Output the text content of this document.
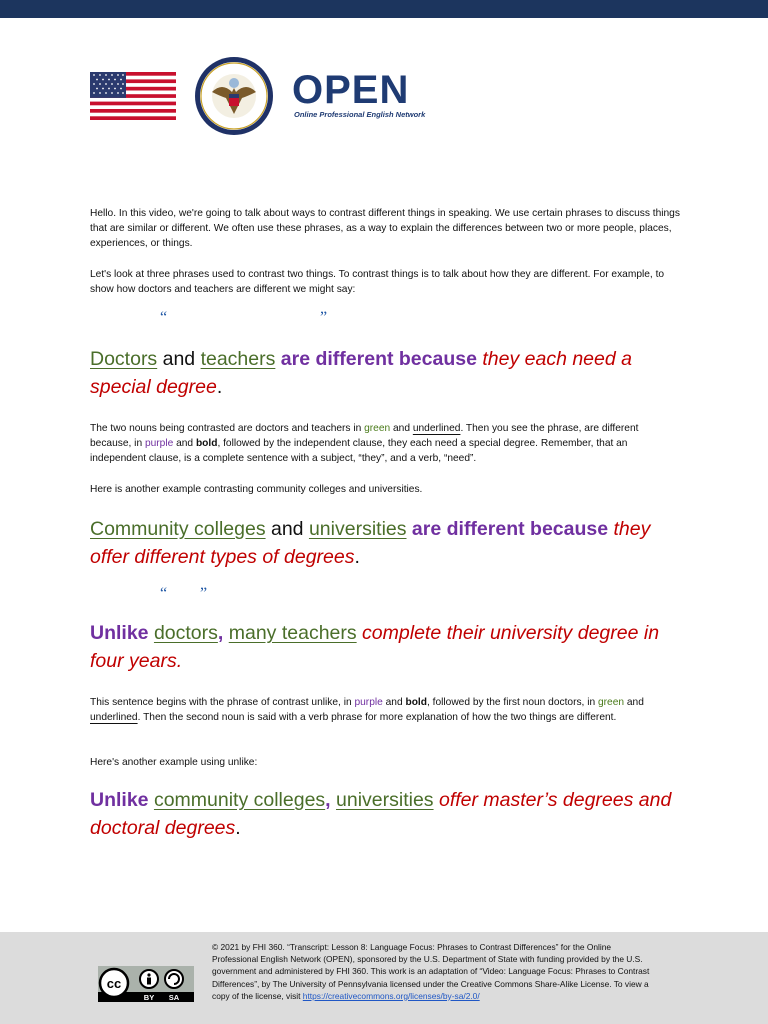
OPEN
Online Professional English Network

Hello. In this video, we're going to talk about ways to contrast different things in speaking. We use certain phrases to discuss things that are similar or different. We often use these phrases, as a way to explain the differences between two or more people, places, experiences, or things.

Let's look at three phrases used to contrast two things. To contrast things is to talk about how they are different. For example, to show how doctors and teachers are different we might say:

“	”

Doctors and teachers are different because they each need a special degree.

The two nouns being contrasted are doctors and teachers in green and underlined. Then you see the phrase, are different because, in purple and bold, followed by the independent clause, they each need a special degree. Remember, that an independent clause, is a complete sentence with a subject, “they”, and a verb, “need”.

Here is another example contrasting community colleges and universities.

Community colleges and universities are different because they offer different types of degrees.

“ ”

Unlike doctors, many teachers complete their university degree in four years.

This sentence begins with the phrase of contrast unlike, in purple and bold, followed by the first noun doctors, in green and underlined. Then the second noun is said with a verb phrase for more explanation of how the two things are different.

Here's another example using unlike:

Unlike community colleges, universities offer master’s degrees and doctoral degrees.

cc
BY SA
© 2021 by FHI 360. “Transcript: Lesson 8: Language Focus: Phrases to Contrast Differences” for the Online Professional English Network (OPEN), sponsored by the U.S. Department of State with funding provided by the U.S. government and administered by FHI 360. This work is an adaptation of “Video: Language Focus: Phrases to Contrast Differences”, by The University of Pennsylvania licensed under the Creative Commons Share-Alike License. To view a copy of the license, visit https://creativecommons.org/licenses/by-sa/2.0/
